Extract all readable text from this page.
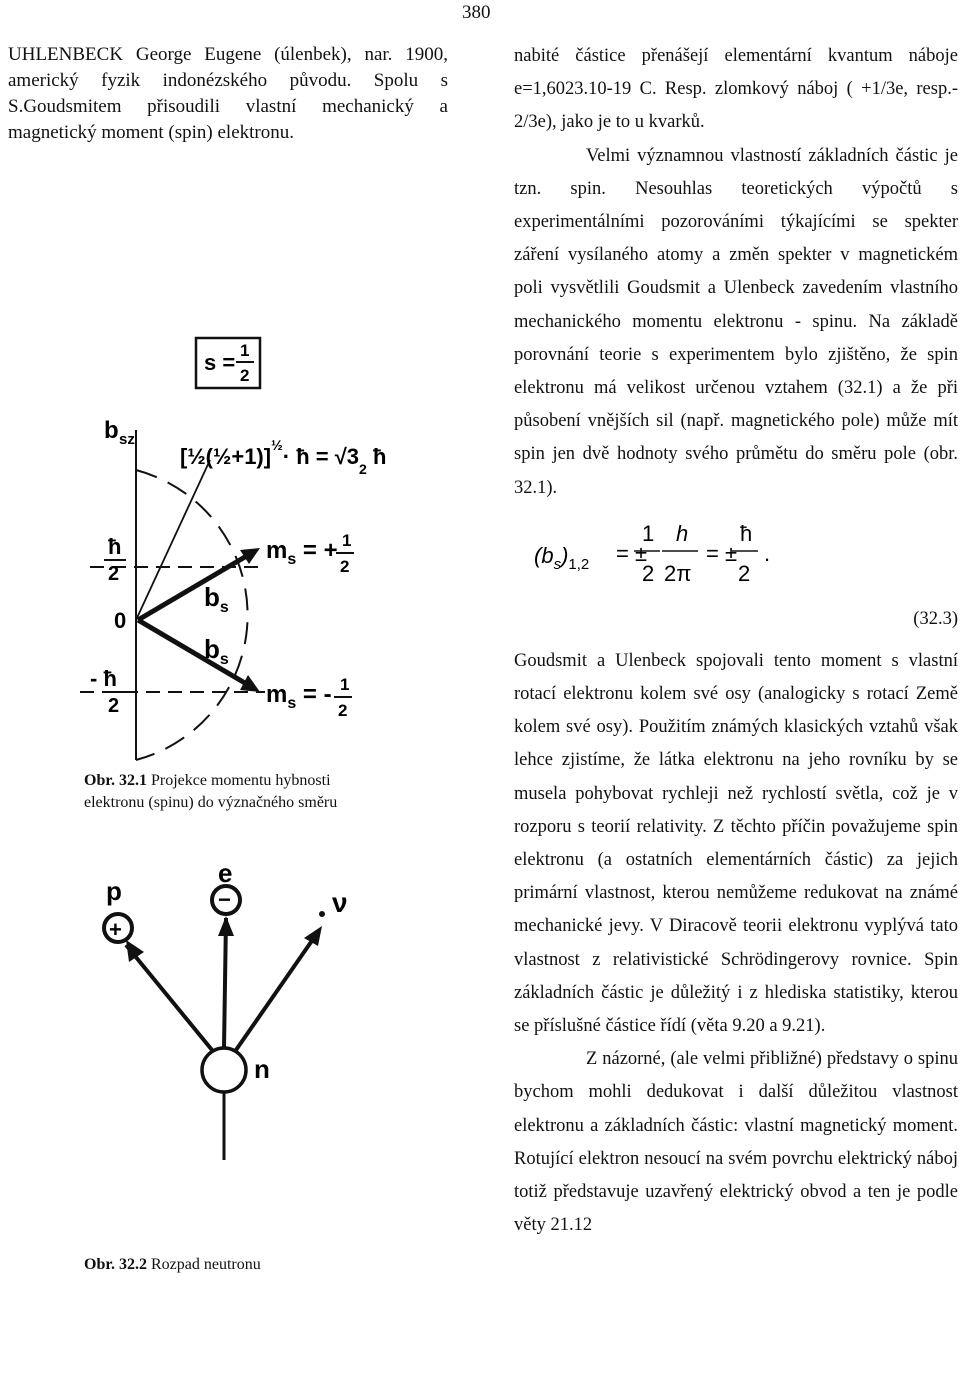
380

UHLENBECK George Eugene (úlenbek), nar. 1900, americký fyzik indonézského původu. Spolu s S.Goudsmitem přisoudili vlastní mechanický a magnetický moment (spin) elektronu.

s = 1
2
b sz
[½(½+1)]$^{\frac{1}{2}}$· ħ = $√3_2$ ħ
ħ
2
0
- ħ
2
$m_s$ = + 1
2
$m_s$ = - 1
2
$b_s$
$b_s$
Obr. 32.1 Projekce momentu hybnosti elektronu (spinu) do význačného směru
+
−
p
e
ν
n
Obr. 32.2 Rozpad neutronu

nabité částice přenášejí elementární kvantum náboje e=1,6023.10-19 C. Resp. zlomkový náboj ( +1/3e, resp.- 2/3e), jako je to u kvarků.

Velmi významnou vlastností základních částic je tzn. spin. Nesouhlas teoretických výpočtů s experimentálními pozorováními týkajícími se spekter záření vysílaného atomy a změn spekter v magnetickém poli vysvětlili Goudsmit a Ulenbeck zavedením vlastního mechanického momentu elektronu - spinu. Na základě porovnání teorie s experimentem bylo zjištěno, že spin elektronu má velikost určenou vztahem (32.1) a že při působení vnějších sil (např. magnetického pole) může mít spin jen dvě hodnoty svého průmětu do směru pole (obr. 32.1).

$(b_s)_{1,2}$ = ±
1
2
h
2π
= ±
ħ
2
.
(32.3)

Goudsmit a Ulenbeck spojovali tento moment s vlastní rotací elektronu kolem své osy (analogicky s rotací Země kolem své osy). Použitím známých klasických vztahů však lehce zjistíme, že látka elektronu na jeho rovníku by se musela pohybovat rychleji než rychlostí světla, což je v rozporu s teorií relativity. Z těchto příčin považujeme spin elektronu (a ostatních elementárních částic) za jejich primární vlastnost, kterou nemůžeme redukovat na známé mechanické jevy. V Diracově teorii elektronu vyplývá tato vlastnost z relativistické Schrödingerovy rovnice. Spin základních částic je důležitý i z hlediska statistiky, kterou se příslušné částice řídí (věta 9.20 a 9.21).

Z názorné, (ale velmi přibližné) představy o spinu bychom mohli dedukovat i další důležitou vlastnost elektronu a základních částic: vlastní magnetický moment. Rotující elektron nesoucí na svém povrchu elektrický náboj totiž představuje uzavřený elektrický obvod a ten je podle věty 21.12
